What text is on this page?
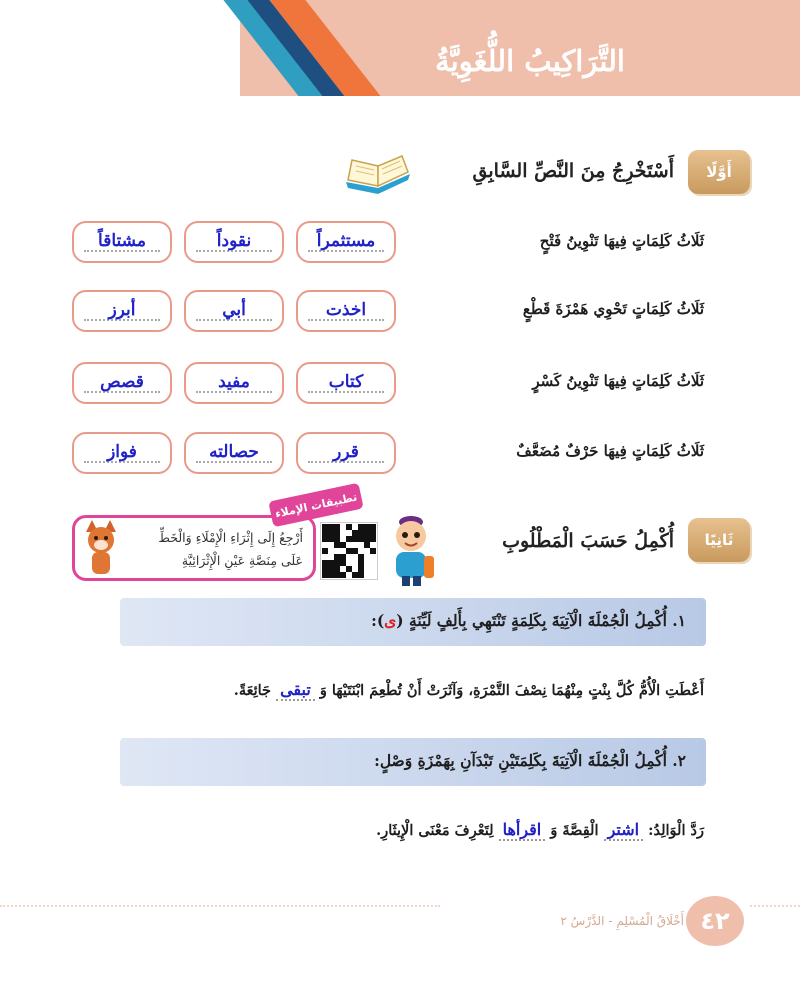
التَّرَاكِيبُ اللُّغَوِيَّةُ
أَوَّلًا
أَسْتَخْرِجُ مِنَ النَّصِّ السَّابِقِ
ثَلَاثُ كَلِمَاتٍ فِيهَا تَنْوِينُ فَتْحٍ
مستثمراً
نقوداً
مشتاقاً
ثَلَاثُ كَلِمَاتٍ تَحْوِي هَمْزَةَ قَطْعٍ
اخذت
أبي
أبرز
ثَلَاثُ كَلِمَاتٍ فِيهَا تَنْوِينُ كَسْرٍ
كتاب
مفيد
قصص
ثَلَاثُ كَلِمَاتٍ فِيهَا حَرْفٌ مُضَعَّفٌ
قرر
حصالته
فواز
ثَانِيًا
أُكْمِلُ حَسَبَ الْمَطْلُوبِ
أَرْجِعُ إِلَى إِثْرَاءِ الْإِمْلَاءِ وَالْخَطِّ
عَلَى مِنَصَّةِ عَيْنِ الْإِثْرَائِيَّةِ
تطبيقات الإملاء
١. أُكْمِلُ الْجُمْلَةَ الْآتِيَةَ بِكَلِمَةٍ تَنْتَهِي بِأَلِفٍ لَيِّنَةٍ (ى):
أَعْطَتِ الْأُمُّ كُلَّ بِنْتٍ مِنْهُمَا نِصْفَ التَّمْرَةِ، وَآثَرَتْ أَنْ تُطْعِمَ ابْنَتَيْهَا وَ تبقى جَائِعَةً.
٢. أُكْمِلُ الْجُمْلَةَ الْآتِيَةَ بِكَلِمَتَيْنِ تَبْدَآنِ بِهَمْزَةِ وَصْلٍ:
رَدَّ الْوَالِدُ: اشتر الْقِصَّةَ وَ اقرأها لِتَعْرِفَ مَعْنَى الْإِيثَارِ.
٤٢
أَخْلَاقُ الْمُسْلِمِ - الدَّرْسُ ٢
